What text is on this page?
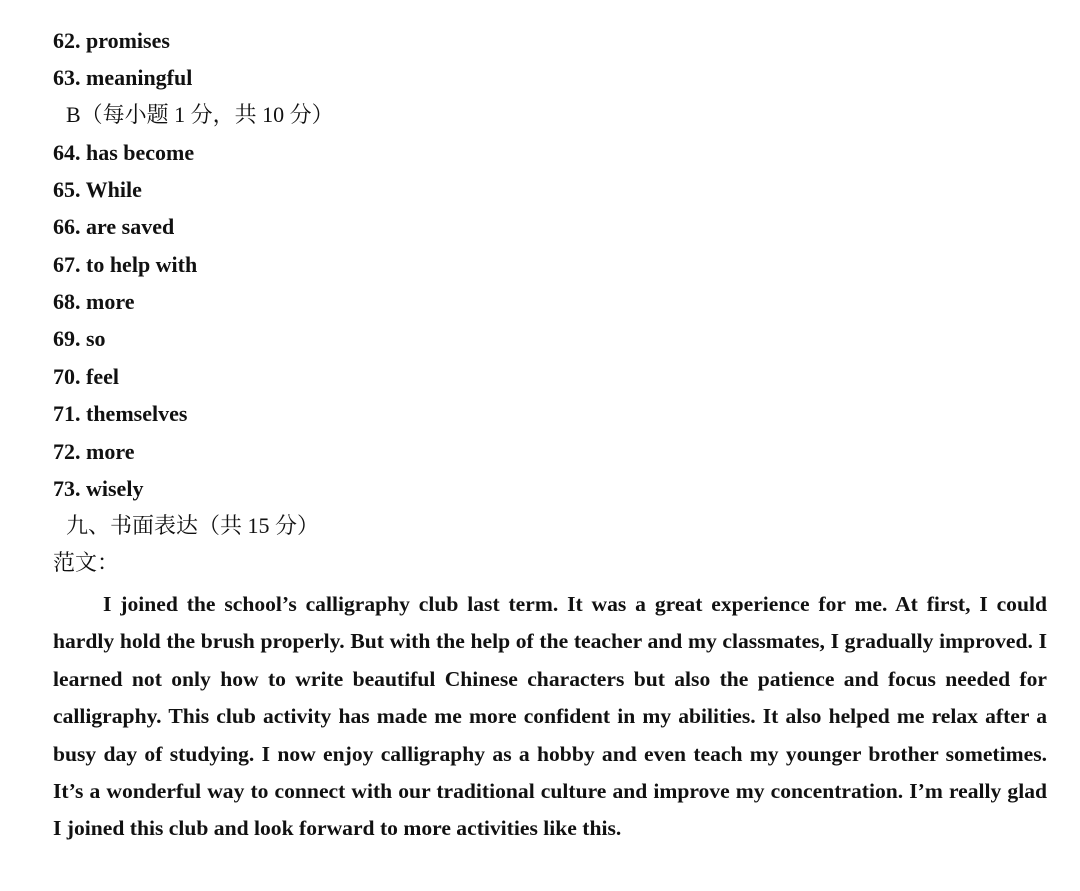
62. promises
63. meaningful
B（每小题 1 分，共 10 分）
64. has become
65. While
66. are saved
67. to help with
68. more
69. so
70. feel
71. themselves
72. more
73. wisely
九、书面表达（共 15 分）
范文：

I joined the school’s calligraphy club last term. It was a great experience for me. At first, I could hardly hold the brush properly. But with the help of the teacher and my classmates, I gradually improved. I learned not only how to write beautiful Chinese characters but also the patience and focus needed for calligraphy. This club activity has made me more confident in my abilities. It also helped me relax after a busy day of studying. I now enjoy calligraphy as a hobby and even teach my younger brother sometimes. It’s a wonderful way to connect with our traditional culture and improve my concentration. I’m really glad I joined this club and look forward to more activities like this.
